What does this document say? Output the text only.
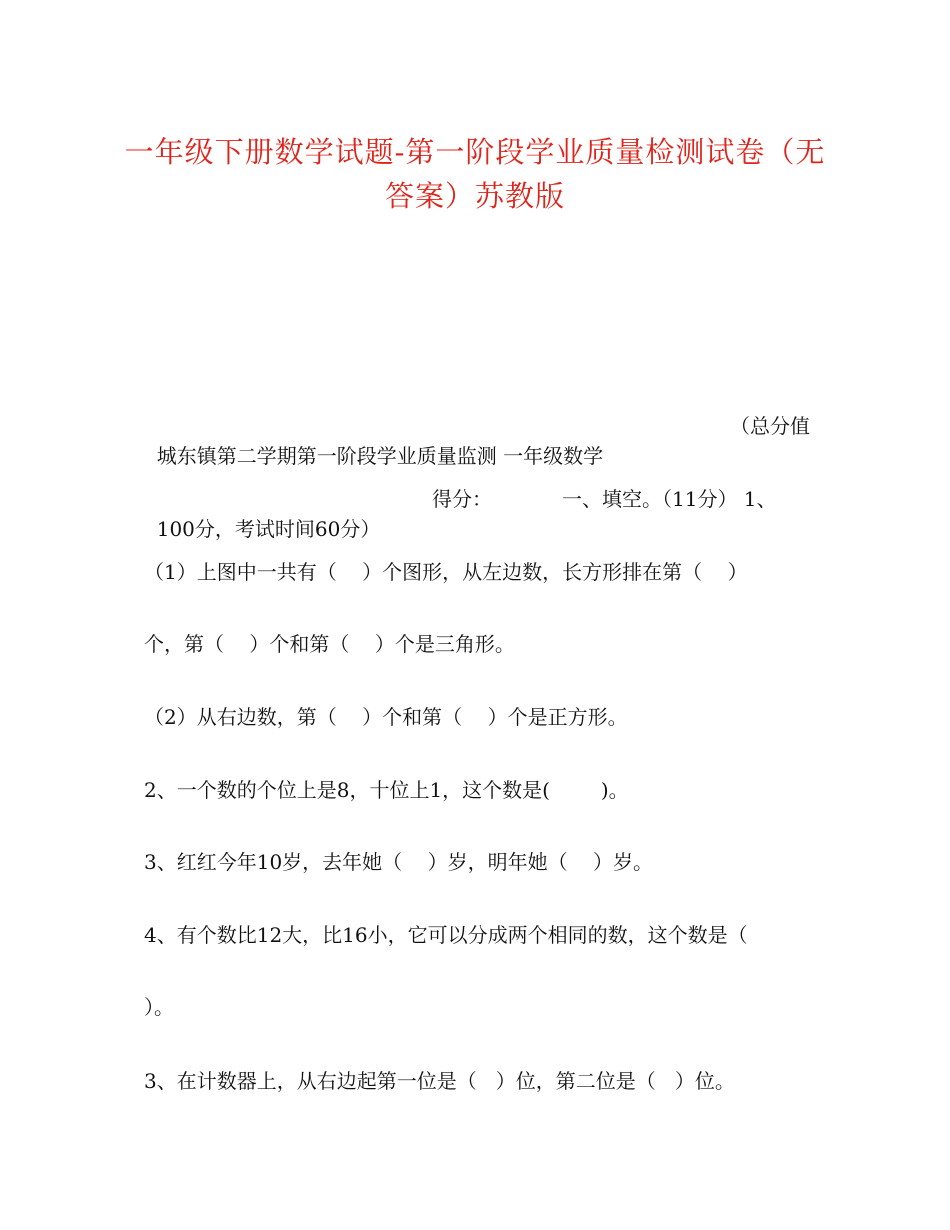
一年级下册数学试题-第一阶段学业质量检测试卷（无
答案）苏教版

城东镇第二学期第一阶段学业质量监测 一年级数学

（总分值

100分，考试时间60分）

得分：

	一、填空。（11分） 1、

（1）上图中一共有（    ）个图形，从左边数，长方形排在第（    ）
个，第（    ）个和第（    ）个是三角形。
（2）从右边数，第（    ）个和第（    ）个是正方形。
2、一个数的个位上是8，十位上1，这个数是(        )。
3、红红今年10岁，去年她（    ）岁，明年她（    ）岁。
4、有个数比12大，比16小，它可以分成两个相同的数，这个数是（
）。
3、在计数器上，从右边起第一位是（   ）位，第二位是（   ）位。
